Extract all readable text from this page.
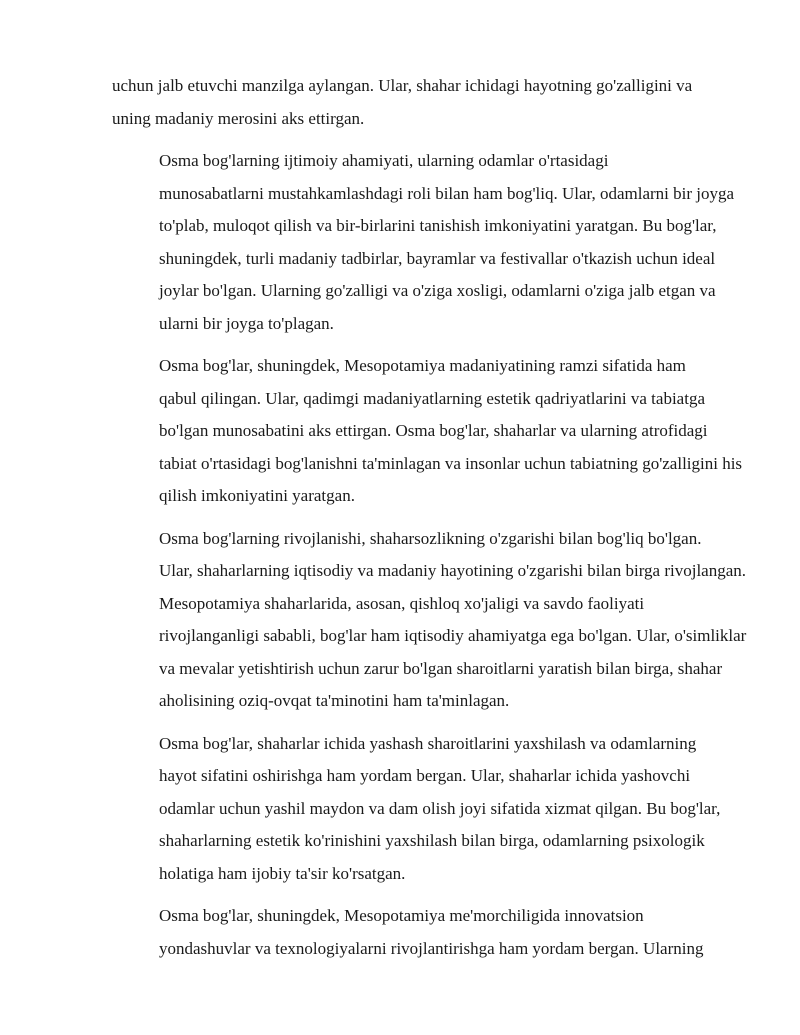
uchun jalb etuvchi manzilga aylangan. Ular, shahar ichidagi hayotning go'zalligini va
uning madaniy merosini aks ettirgan.

Osma bog'larning ijtimoiy ahamiyati, ularning odamlar o'rtasidagi
munosabatlarni mustahkamlashdagi roli bilan ham bog'liq. Ular, odamlarni bir joyga
to'plab, muloqot qilish va bir-birlarini tanishish imkoniyatini yaratgan. Bu bog'lar,
shuningdek, turli madaniy tadbirlar, bayramlar va festivallar o'tkazish uchun ideal
joylar bo'lgan. Ularning go'zalligi va o'ziga xosligi, odamlarni o'ziga jalb etgan va
ularni bir joyga to'plagan.

Osma bog'lar, shuningdek, Mesopotamiya madaniyatining ramzi sifatida ham
qabul qilingan. Ular, qadimgi madaniyatlarning estetik qadriyatlarini va tabiatga
bo'lgan munosabatini aks ettirgan. Osma bog'lar, shaharlar va ularning atrofidagi
tabiat o'rtasidagi bog'lanishni ta'minlagan va insonlar uchun tabiatning go'zalligini his
qilish imkoniyatini yaratgan.

Osma bog'larning rivojlanishi, shaharsozlikning o'zgarishi bilan bog'liq bo'lgan.
Ular, shaharlarning iqtisodiy va madaniy hayotining o'zgarishi bilan birga rivojlangan.
Mesopotamiya shaharlarida, asosan, qishloq xo'jaligi va savdo faoliyati
rivojlanganligi sababli, bog'lar ham iqtisodiy ahamiyatga ega bo'lgan. Ular, o'simliklar
va mevalar yetishtirish uchun zarur bo'lgan sharoitlarni yaratish bilan birga, shahar
aholisining oziq-ovqat ta'minotini ham ta'minlagan.

Osma bog'lar, shaharlar ichida yashash sharoitlarini yaxshilash va odamlarning
hayot sifatini oshirishga ham yordam bergan. Ular, shaharlar ichida yashovchi
odamlar uchun yashil maydon va dam olish joyi sifatida xizmat qilgan. Bu bog'lar,
shaharlarning estetik ko'rinishini yaxshilash bilan birga, odamlarning psixologik
holatiga ham ijobiy ta'sir ko'rsatgan.

Osma bog'lar, shuningdek, Mesopotamiya me'morchiligida innovatsion
yondashuvlar va texnologiyalarni rivojlantirishga ham yordam bergan. Ularning
